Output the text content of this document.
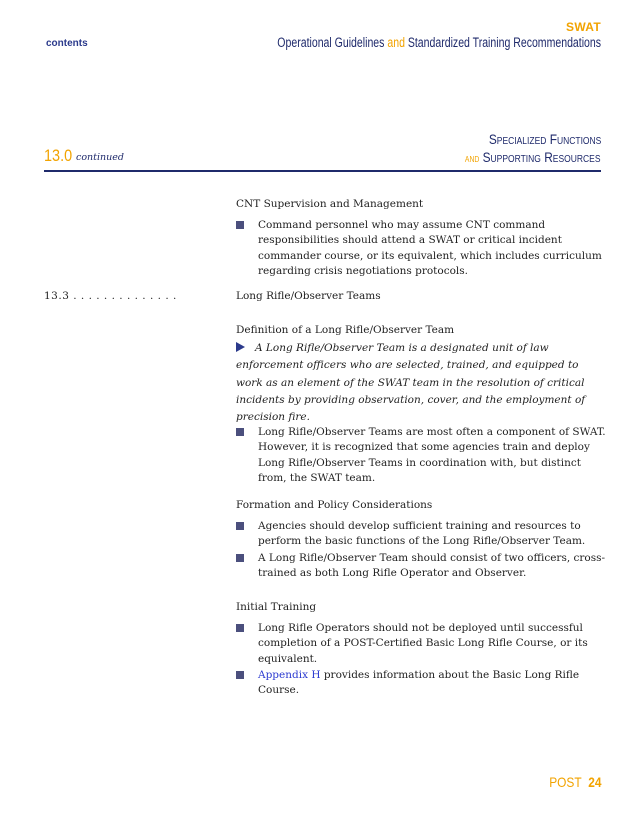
SWAT
contents	Operational Guidelines and Standardized Training Recommendations
13.0 continued
Specialized Functions
and Supporting Resources
CNT Supervision and Management
Command personnel who may assume CNT command responsibilities should attend a SWAT or critical incident commander course, or its equivalent, which includes curriculum regarding crisis negotiations protocols.
13.3 . . . . . . . . . . . . . .	Long Rifle/Observer Teams
Definition of a Long Rifle/Observer Team
A Long Rifle/Observer Team is a designated unit of law enforcement officers who are selected, trained, and equipped to work as an element of the SWAT team in the resolution of critical incidents by providing observation, cover, and the employment of precision fire.
Long Rifle/Observer Teams are most often a component of SWAT. However, it is recognized that some agencies train and deploy Long Rifle/Observer Teams in coordination with, but distinct from, the SWAT team.
Formation and Policy Considerations
Agencies should develop sufficient training and resources to perform the basic functions of the Long Rifle/Observer Team.
A Long Rifle/Observer Team should consist of two officers, cross-trained as both Long Rifle Operator and Observer.
Initial Training
Long Rifle Operators should not be deployed until successful completion of a POST-Certified Basic Long Rifle Course, or its equivalent.
Appendix H provides information about the Basic Long Rifle Course.
POST 24
